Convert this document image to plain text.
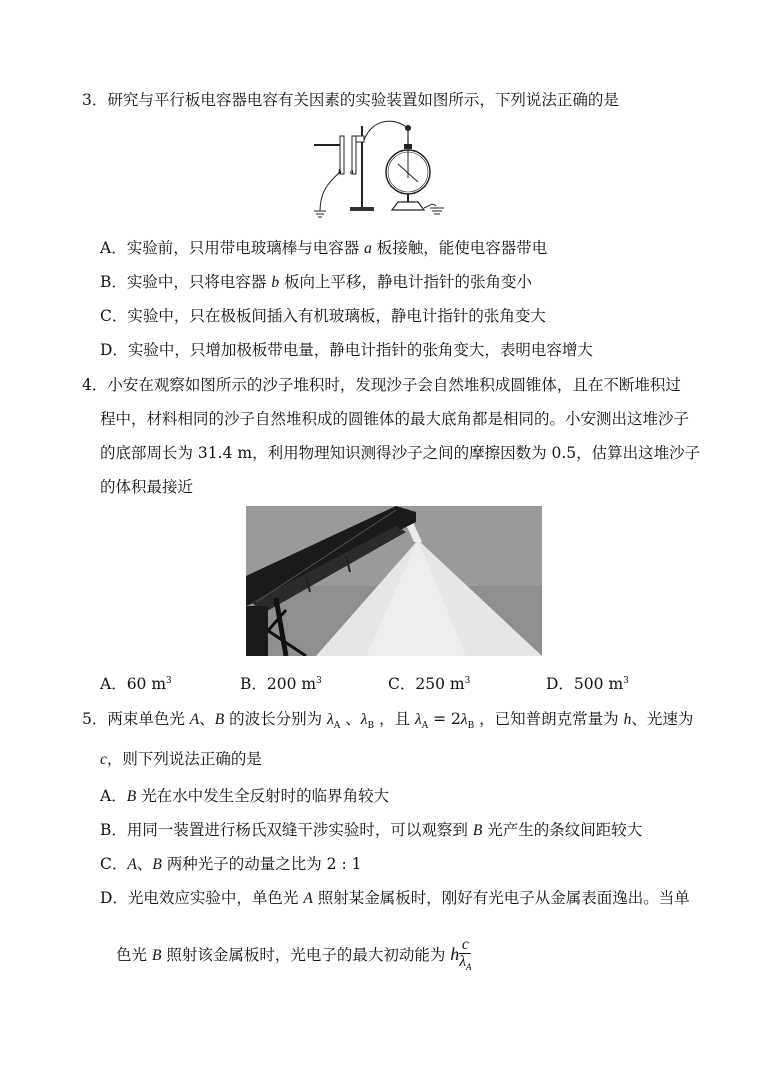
3．研究与平行板电容器电容有关因素的实验装置如图所示，下列说法正确的是
b a
A．实验前，只用带电玻璃棒与电容器 a 板接触，能使电容器带电
B．实验中，只将电容器 b 板向上平移，静电计指针的张角变小
C．实验中，只在极板间插入有机玻璃板，静电计指针的张角变大
D．实验中，只增加极板带电量，静电计指针的张角变大，表明电容增大
4．小安在观察如图所示的沙子堆积时，发现沙子会自然堆积成圆锥体，且在不断堆积过
程中，材料相同的沙子自然堆积成的圆锥体的最大底角都是相同的。小安测出这堆沙子
的底部周长为 31.4 m，利用物理知识测得沙子之间的摩擦因数为 0.5，估算出这堆沙子
的体积最接近
A．60 $m^3$	B．200 $m^3$	C．250 $m^3$	D．500 $m^3$
5．两束单色光 A、B 的波长分别为 $\lambda_A$ 、$\lambda_B$ ，且 $\lambda_A = 2\lambda_B$ ，已知普朗克常量为 h、光速为
c，则下列说法正确的是
A．B 光在水中发生全反射时的临界角较大
B．用同一装置进行杨氏双缝干涉实验时，可以观察到 B 光产生的条纹间距较大
C．A、B 两种光子的动量之比为 2 : 1
D．光电效应实验中，单色光 A 照射某金属板时，刚好有光电子从金属表面逸出。当单
色光 B 照射该金属板时，光电子的最大初动能为 h $\frac{c}{\lambda_A}$
